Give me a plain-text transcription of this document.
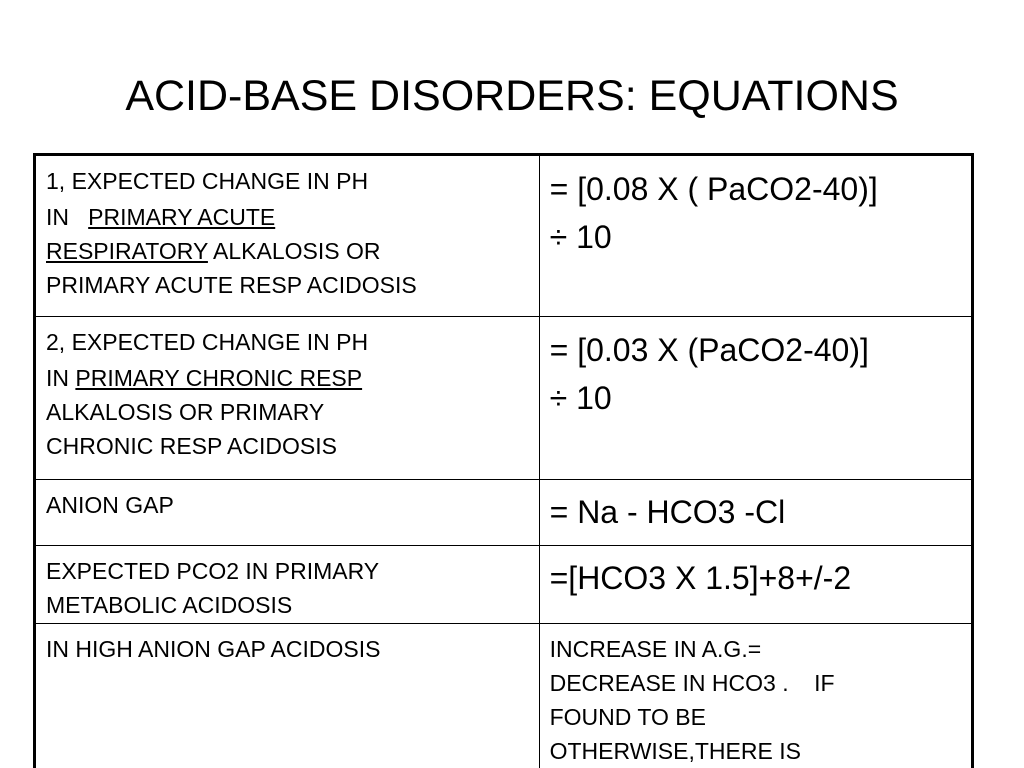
ACID-BASE DISORDERS: EQUATIONS
1, EXPECTED CHANGE IN PH
IN   PRIMARY ACUTE
RESPIRATORY ALKALOSIS OR
PRIMARY ACUTE RESP ACIDOSIS	= [0.08 X ( PaCO2-40)]
÷ 10

2, EXPECTED CHANGE IN PH
IN PRIMARY CHRONIC RESP
ALKALOSIS OR PRIMARY
CHRONIC RESP ACIDOSIS	= [0.03 X (PaCO2-40)]
÷ 10

ANION GAP	= Na - HCO3 -Cl

EXPECTED PCO2 IN PRIMARY
METABOLIC ACIDOSIS	=[HCO3 X 1.5]+8+/-2

IN HIGH ANION GAP ACIDOSIS	INCREASE IN A.G.=
DECREASE IN HCO3 .    IF
FOUND TO BE
OTHERWISE,THERE IS
